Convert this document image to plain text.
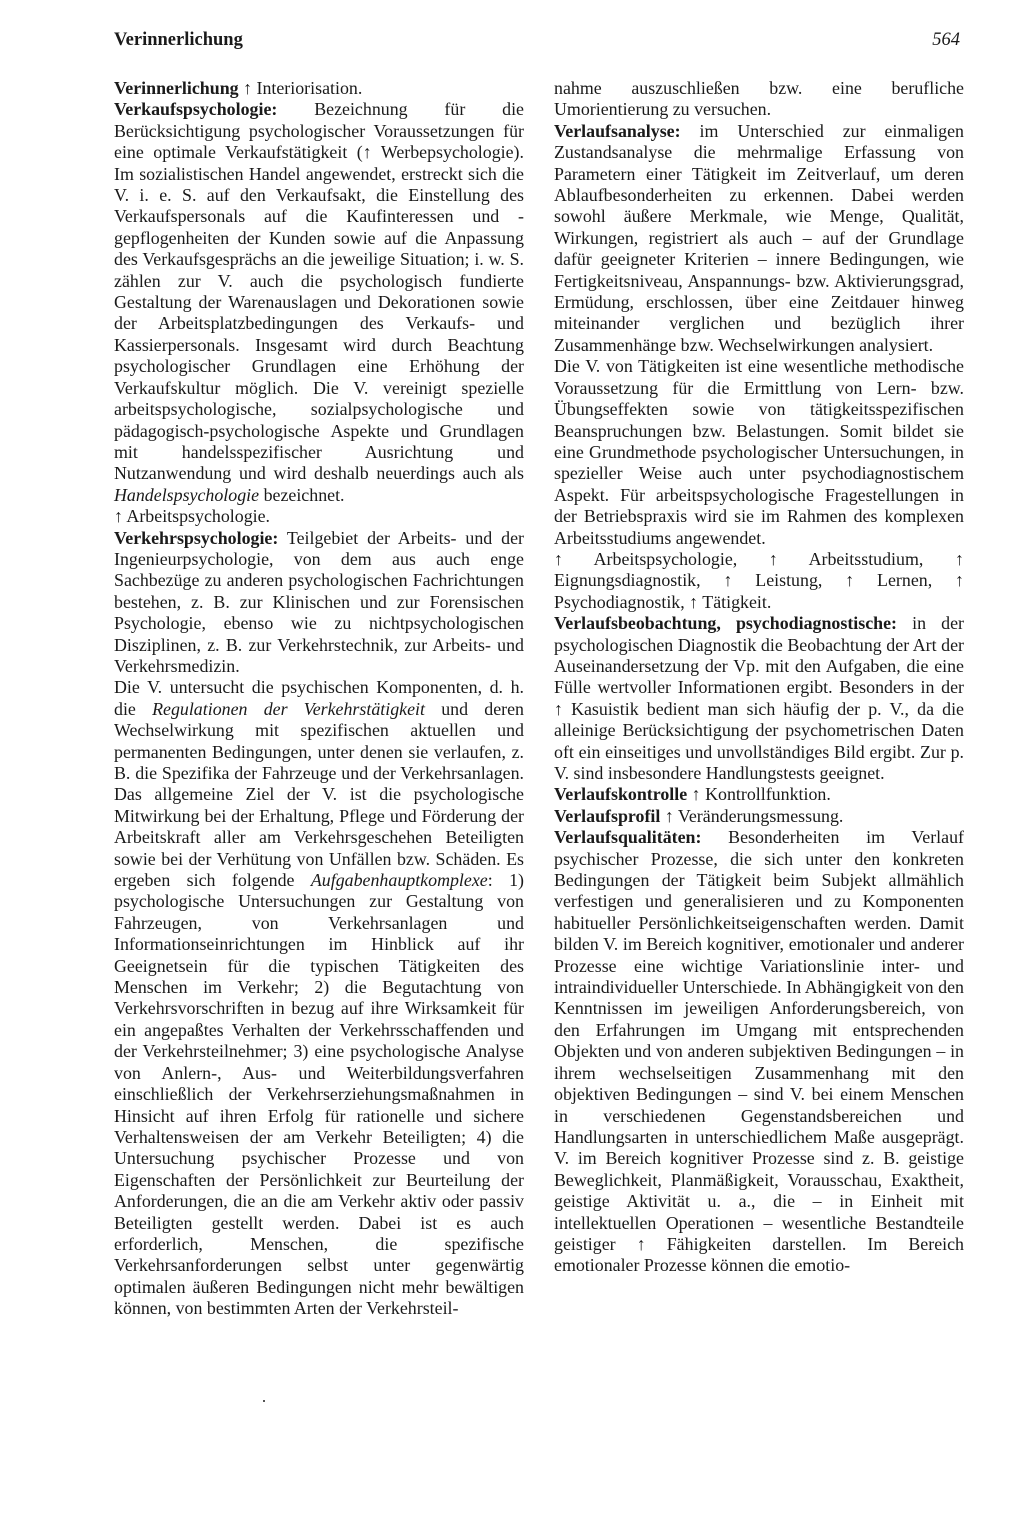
Verinnerlichung	564

Verinnerlichung ↑ Interiorisation.

Verkaufspsychologie: Bezeichnung für die Berücksichtigung psychologischer Voraussetzungen für eine optimale Verkaufstätigkeit (↑ Werbepsychologie). Im sozialistischen Handel angewendet, erstreckt sich die V. i. e. S. auf den Verkaufsakt, die Einstellung des Verkaufspersonals auf die Kaufinteressen und -gepflogenheiten der Kunden sowie auf die Anpassung des Verkaufsgesprächs an die jeweilige Situation; i. w. S. zählen zur V. auch die psychologisch fundierte Gestaltung der Warenauslagen und Dekorationen sowie der Arbeitsplatzbedingungen des Verkaufs- und Kassierpersonals. Insgesamt wird durch Beachtung psychologischer Grundlagen eine Erhöhung der Verkaufskultur möglich. Die V. vereinigt spezielle arbeitspsychologische, sozialpsychologische und pädagogisch-psychologische Aspekte und Grundlagen mit handelsspezifischer Ausrichtung und Nutzanwendung und wird deshalb neuerdings auch als Handelspsychologie bezeichnet.

↑ Arbeitspsychologie.

Verkehrspsychologie: Teilgebiet der Arbeits- und der Ingenieurpsychologie, von dem aus auch enge Sachbezüge zu anderen psychologischen Fachrichtungen bestehen, z. B. zur Klinischen und zur Forensischen Psychologie, ebenso wie zu nichtpsychologischen Disziplinen, z. B. zur Verkehrstechnik, zur Arbeits- und Verkehrsmedizin.

Die V. untersucht die psychischen Komponenten, d. h. die Regulationen der Verkehrstätigkeit und deren Wechselwirkung mit spezifischen aktuellen und permanenten Bedingungen, unter denen sie verlaufen, z. B. die Spezifika der Fahrzeuge und der Verkehrsanlagen. Das allgemeine Ziel der V. ist die psychologische Mitwirkung bei der Erhaltung, Pflege und Förderung der Arbeitskraft aller am Verkehrsgeschehen Beteiligten sowie bei der Verhütung von Unfällen bzw. Schäden. Es ergeben sich folgende Aufgabenhauptkomplexe: 1) psychologische Untersuchungen zur Gestaltung von Fahrzeugen, von Verkehrsanlagen und Informationseinrichtungen im Hinblick auf ihr Geeignetsein für die typischen Tätigkeiten des Menschen im Verkehr; 2) die Begutachtung von Verkehrsvorschriften in bezug auf ihre Wirksamkeit für ein angepaßtes Verhalten der Verkehrsschaffenden und der Verkehrsteilnehmer; 3) eine psychologische Analyse von Anlern-, Aus- und Weiterbildungsverfahren einschließlich der Verkehrserziehungsmaßnahmen in Hinsicht auf ihren Erfolg für rationelle und sichere Verhaltensweisen der am Verkehr Beteiligten; 4) die Untersuchung psychischer Prozesse und von Eigenschaften der Persönlichkeit zur Beurteilung der Anforderungen, die an die am Verkehr aktiv oder passiv Beteiligten gestellt werden. Dabei ist es auch erforderlich, Menschen, die spezifische Verkehrsanforderungen selbst unter gegenwärtig optimalen äußeren Bedingungen nicht mehr bewältigen können, von bestimmten Arten der Verkehrsteil-

nahme auszuschließen bzw. eine berufliche Umorientierung zu versuchen.

Verlaufsanalyse: im Unterschied zur einmaligen Zustandsanalyse die mehrmalige Erfassung von Parametern einer Tätigkeit im Zeitverlauf, um deren Ablaufbesonderheiten zu erkennen. Dabei werden sowohl äußere Merkmale, wie Menge, Qualität, Wirkungen, registriert als auch – auf der Grundlage dafür geeigneter Kriterien – innere Bedingungen, wie Fertigkeitsniveau, Anspannungs- bzw. Aktivierungsgrad, Ermüdung, erschlossen, über eine Zeitdauer hinweg miteinander verglichen und bezüglich ihrer Zusammenhänge bzw. Wechselwirkungen analysiert.

Die V. von Tätigkeiten ist eine wesentliche methodische Voraussetzung für die Ermittlung von Lern- bzw. Übungseffekten sowie von tätigkeitsspezifischen Beanspruchungen bzw. Belastungen. Somit bildet sie eine Grundmethode psychologischer Untersuchungen, in spezieller Weise auch unter psychodiagnostischem Aspekt. Für arbeitspsychologische Fragestellungen in der Betriebspraxis wird sie im Rahmen des komplexen Arbeitsstudiums angewendet.

↑ Arbeitspsychologie, ↑ Arbeitsstudium, ↑ Eignungsdiagnostik, ↑ Leistung, ↑ Lernen, ↑ Psychodiagnostik, ↑ Tätigkeit.

Verlaufsbeobachtung, psychodiagnostische: in der psychologischen Diagnostik die Beobachtung der Art der Auseinandersetzung der Vp. mit den Aufgaben, die eine Fülle wertvoller Informationen ergibt. Besonders in der ↑ Kasuistik bedient man sich häufig der p. V., da die alleinige Berücksichtigung der psychometrischen Daten oft ein einseitiges und unvollständiges Bild ergibt. Zur p. V. sind insbesondere Handlungstests geeignet.

Verlaufskontrolle ↑ Kontrollfunktion.

Verlaufsprofil ↑ Veränderungsmessung.

Verlaufsqualitäten: Besonderheiten im Verlauf psychischer Prozesse, die sich unter den konkreten Bedingungen der Tätigkeit beim Subjekt allmählich verfestigen und generalisieren und zu Komponenten habitueller Persönlichkeitseigenschaften werden. Damit bilden V. im Bereich kognitiver, emotionaler und anderer Prozesse eine wichtige Variationslinie inter- und intraindividueller Unterschiede. In Abhängigkeit von den Kenntnissen im jeweiligen Anforderungsbereich, von den Erfahrungen im Umgang mit entsprechenden Objekten und von anderen subjektiven Bedingungen – in ihrem wechselseitigen Zusammenhang mit den objektiven Bedingungen – sind V. bei einem Menschen in verschiedenen Gegenstandsbereichen und Handlungsarten in unterschiedlichem Maße ausgeprägt. V. im Bereich kognitiver Prozesse sind z. B. geistige Beweglichkeit, Planmäßigkeit, Vorausschau, Exaktheit, geistige Aktivität u. a., die – in Einheit mit intellektuellen Operationen – wesentliche Bestandteile geistiger ↑ Fähigkeiten darstellen. Im Bereich emotionaler Prozesse können die emotio-
